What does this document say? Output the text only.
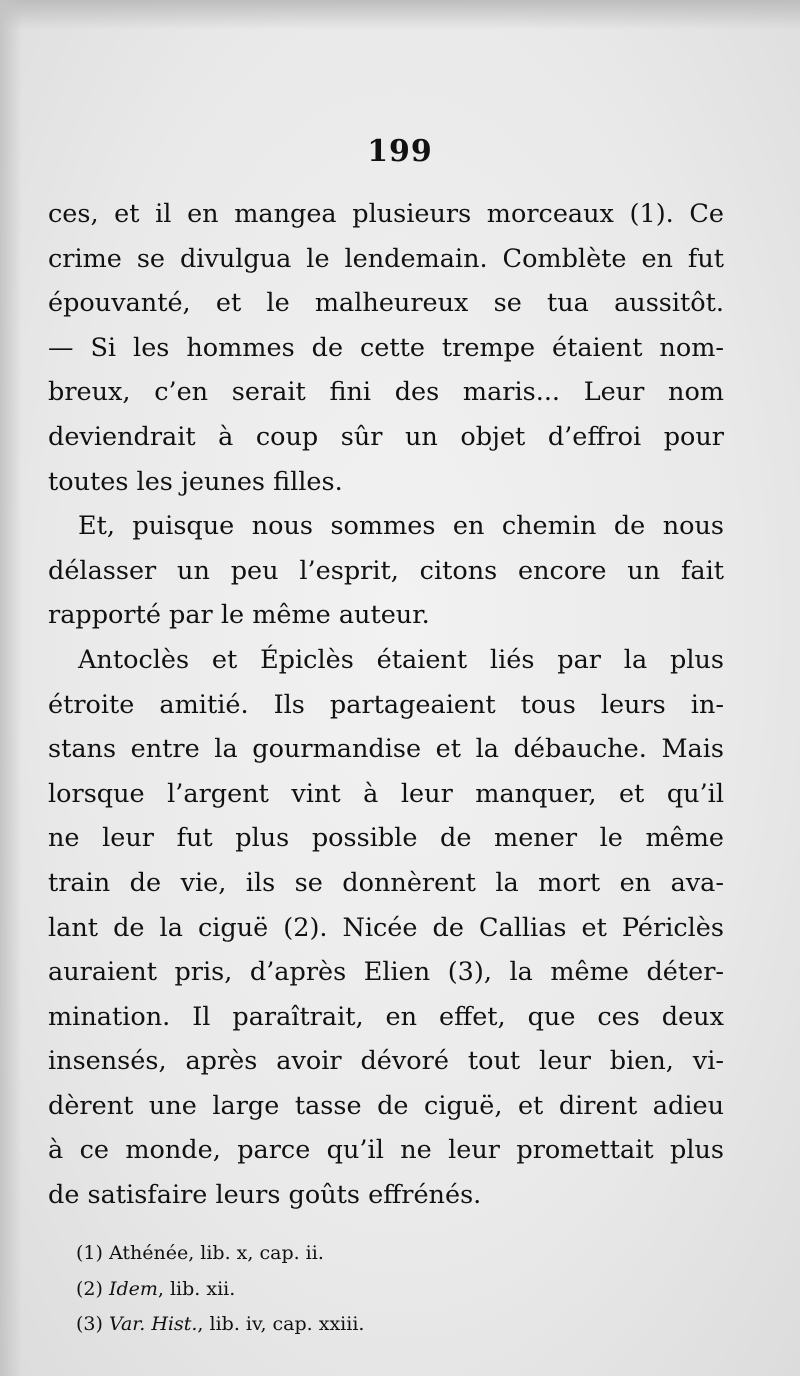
199
ces, et il en mangea plusieurs morceaux (1). Ce
crime se divulgua le lendemain. Comblète en fut
épouvanté, et le malheureux se tua aussitôt.
— Si les hommes de cette trempe étaient nom-
breux, c’en serait fini des maris... Leur nom
deviendrait à coup sûr un objet d’effroi pour
toutes les jeunes filles.
Et, puisque nous sommes en chemin de nous
délasser un peu l’esprit, citons encore un fait
rapporté par le même auteur.
Antoclès et Épiclès étaient liés par la plus
étroite amitié. Ils partageaient tous leurs in-
stans entre la gourmandise et la débauche. Mais
lorsque l’argent vint à leur manquer, et qu’il
ne leur fut plus possible de mener le même
train de vie, ils se donnèrent la mort en ava-
lant de la ciguë (2). Nicée de Callias et Périclès
auraient pris, d’après Elien (3), la même déter-
mination. Il paraîtrait, en effet, que ces deux
insensés, après avoir dévoré tout leur bien, vi-
dèrent une large tasse de ciguë, et dirent adieu
à ce monde, parce qu’il ne leur promettait plus
de satisfaire leurs goûts effrénés.
(1) Athénée, lib. x, cap. ii.
(2) Idem, lib. xii.
(3) Var. Hist., lib. iv, cap. xxiii.
